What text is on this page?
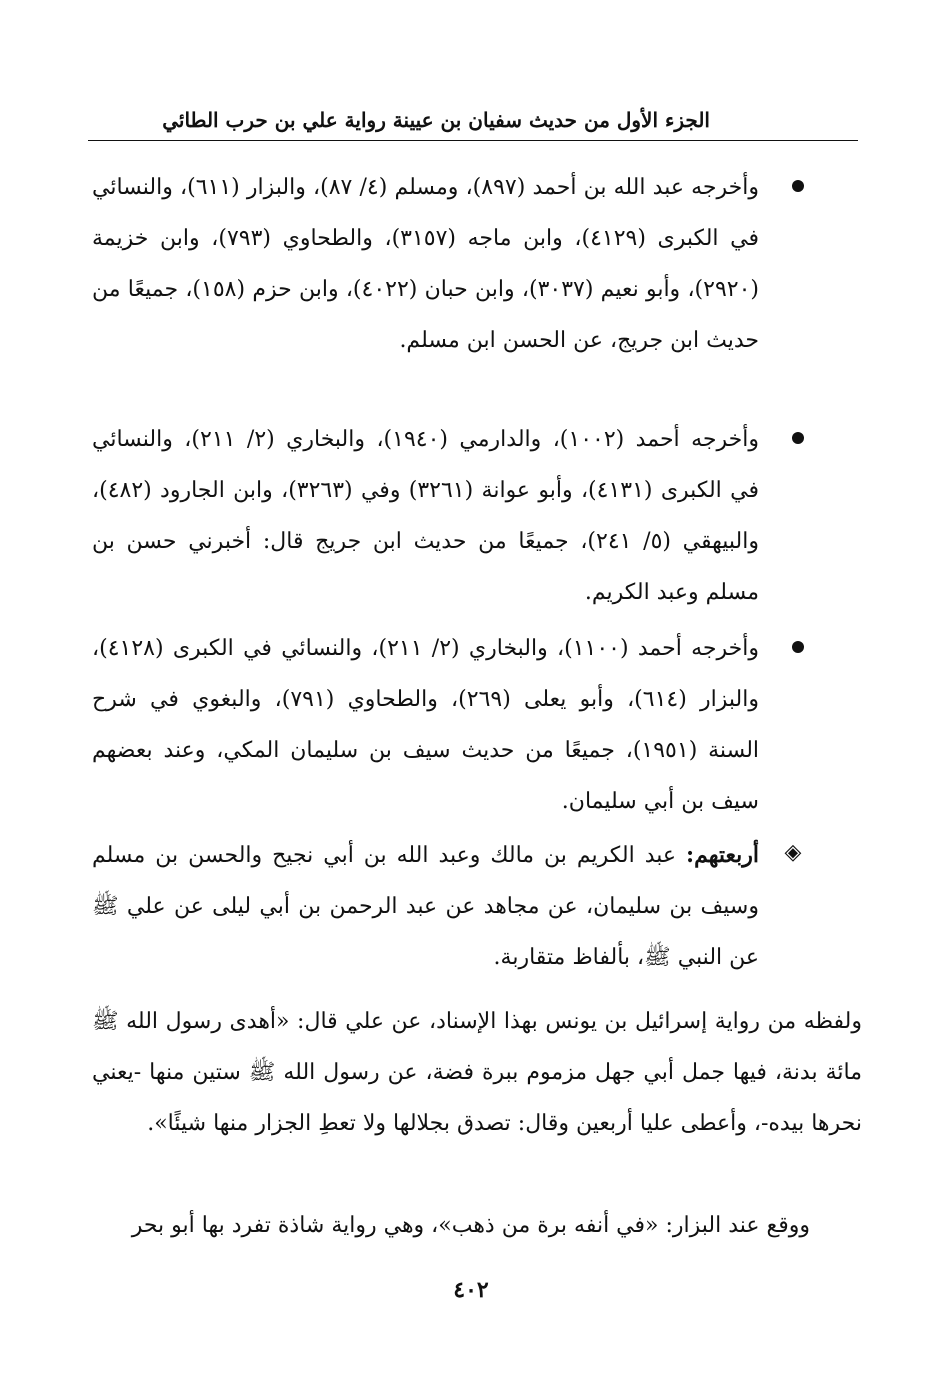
الجزء الأول من حديث سفيان بن عيينة رواية علي بن حرب الطائي
وأخرجه عبد الله بن أحمد (٨٩٧)، ومسلم (٤/ ٨٧)، والبزار (٦١١)، والنسائي في الكبرى (٤١٢٩)، وابن ماجه (٣١٥٧)، والطحاوي (٧٩٣)، وابن خزيمة (٢٩٢٠)، وأبو نعيم (٣٠٣٧)، وابن حبان (٤٠٢٢)، وابن حزم (١٥٨)، جميعًا من حديث ابن جريج، عن الحسن ابن مسلم.
وأخرجه أحمد (١٠٠٢)، والدارمي (١٩٤٠)، والبخاري (٢/ ٢١١)، والنسائي في الكبرى (٤١٣١)، وأبو عوانة (٣٢٦١) وفي (٣٢٦٣)، وابن الجارود (٤٨٢)، والبيهقي (٥/ ٢٤١)، جميعًا من حديث ابن جريج قال: أخبرني حسن بن مسلم وعبد الكريم.
وأخرجه أحمد (١١٠٠)، والبخاري (٢/ ٢١١)، والنسائي في الكبرى (٤١٢٨)، والبزار (٦١٤)، وأبو يعلى (٢٦٩)، والطحاوي (٧٩١)، والبغوي في شرح السنة (١٩٥١)، جميعًا من حديث سيف بن سليمان المكي، وعند بعضهم سيف بن أبي سليمان.
◈
أربعتهم: عبد الكريم بن مالك وعبد الله بن أبي نجيح والحسن بن مسلم وسيف بن سليمان، عن مجاهد عن عبد الرحمن بن أبي ليلى عن علي ﷺ عن النبي ﷺ، بألفاظ متقاربة.
ولفظه من رواية إسرائيل بن يونس بهذا الإسناد، عن علي قال: «أهدى رسول الله ﷺ مائة بدنة، فيها جمل أبي جهل مزموم ببرة فضة، عن رسول الله ﷺ ستين منها -يعني نحرها بيده-، وأعطى عليا أربعين وقال: تصدق بجلالها ولا تعطِ الجزار منها شيئًا».
ووقع عند البزار: «في أنفه برة من ذهب»، وهي رواية شاذة تفرد بها أبو بحر
٤٠٢
